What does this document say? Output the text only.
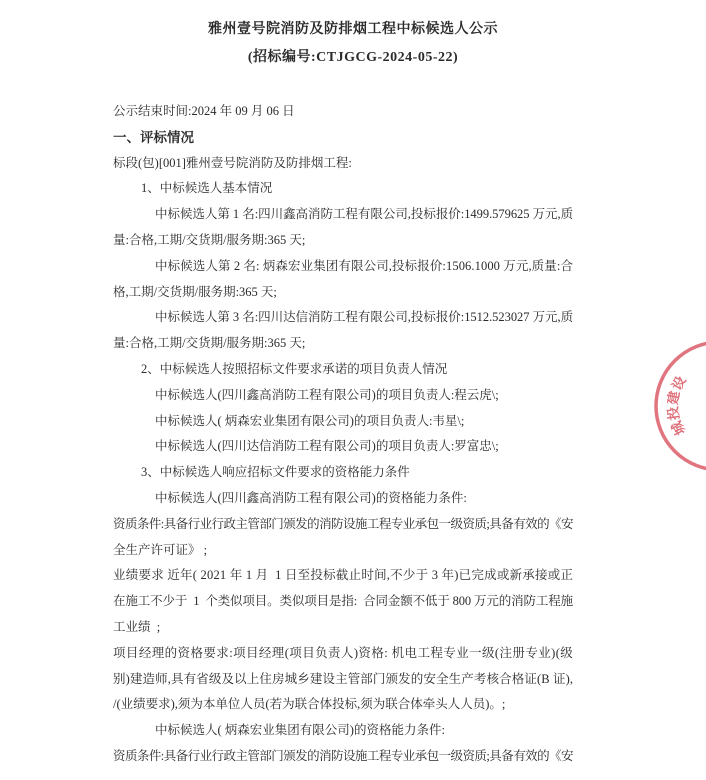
雅州壹号院消防及防排烟工程中标候选人公示
(招标编号:CTJGCG-2024-05-22)
公示结束时间:2024 年 09 月 06 日
一、评标情况
标段(包)[001]雅州壹号院消防及防排烟工程:
1、中标候选人基本情况
中标候选人第 1 名:四川鑫高消防工程有限公司,投标报价:1499.579625 万元,质
量:合格,工期/交货期/服务期:365 天;
中标候选人第 2 名: 炳森宏业集团有限公司,投标报价:1506.1000 万元,质量:合
格,工期/交货期/服务期:365 天;
中标候选人第 3 名:四川达信消防工程有限公司,投标报价:1512.523027 万元,质
量:合格,工期/交货期/服务期:365 天;
2、中标候选人按照招标文件要求承诺的项目负责人情况
中标候选人(四川鑫高消防工程有限公司)的项目负责人:程云虎\;
中标候选人( 炳森宏业集团有限公司)的项目负责人:韦星\;
中标候选人(四川达信消防工程有限公司)的项目负责人:罗富忠\;
3、中标候选人响应招标文件要求的资格能力条件
中标候选人(四川鑫高消防工程有限公司)的资格能力条件:
资质条件:具备行业行政主管部门颁发的消防设施工程专业承包一级资质;具备有效的《安
全生产许可证》 ;
业绩要求 近年( 2021 年 1 月  1 日至投标截止时间,不少于 3 年)已完成或新承接或正
在施工不少于  1  个类似项目。类似项目是指:  合同金额不低于 800 万元的消防工程施
工业绩  ;
项目经理的资格要求:项目经理(项目负责人)资格: 机电工程专业一级(注册专业)(级
别)建造师,具有省级及以上住房城乡建设主管部门颁发的安全生产考核合格证(B 证),
/(业绩要求),须为本单位人员(若为联合体投标,须为联合体牵头人人员)。;
中标候选人( 炳森宏业集团有限公司)的资格能力条件:
资质条件:具备行业行政主管部门颁发的消防设施工程专业承包一级资质;具备有效的《安
城
投
建
设
